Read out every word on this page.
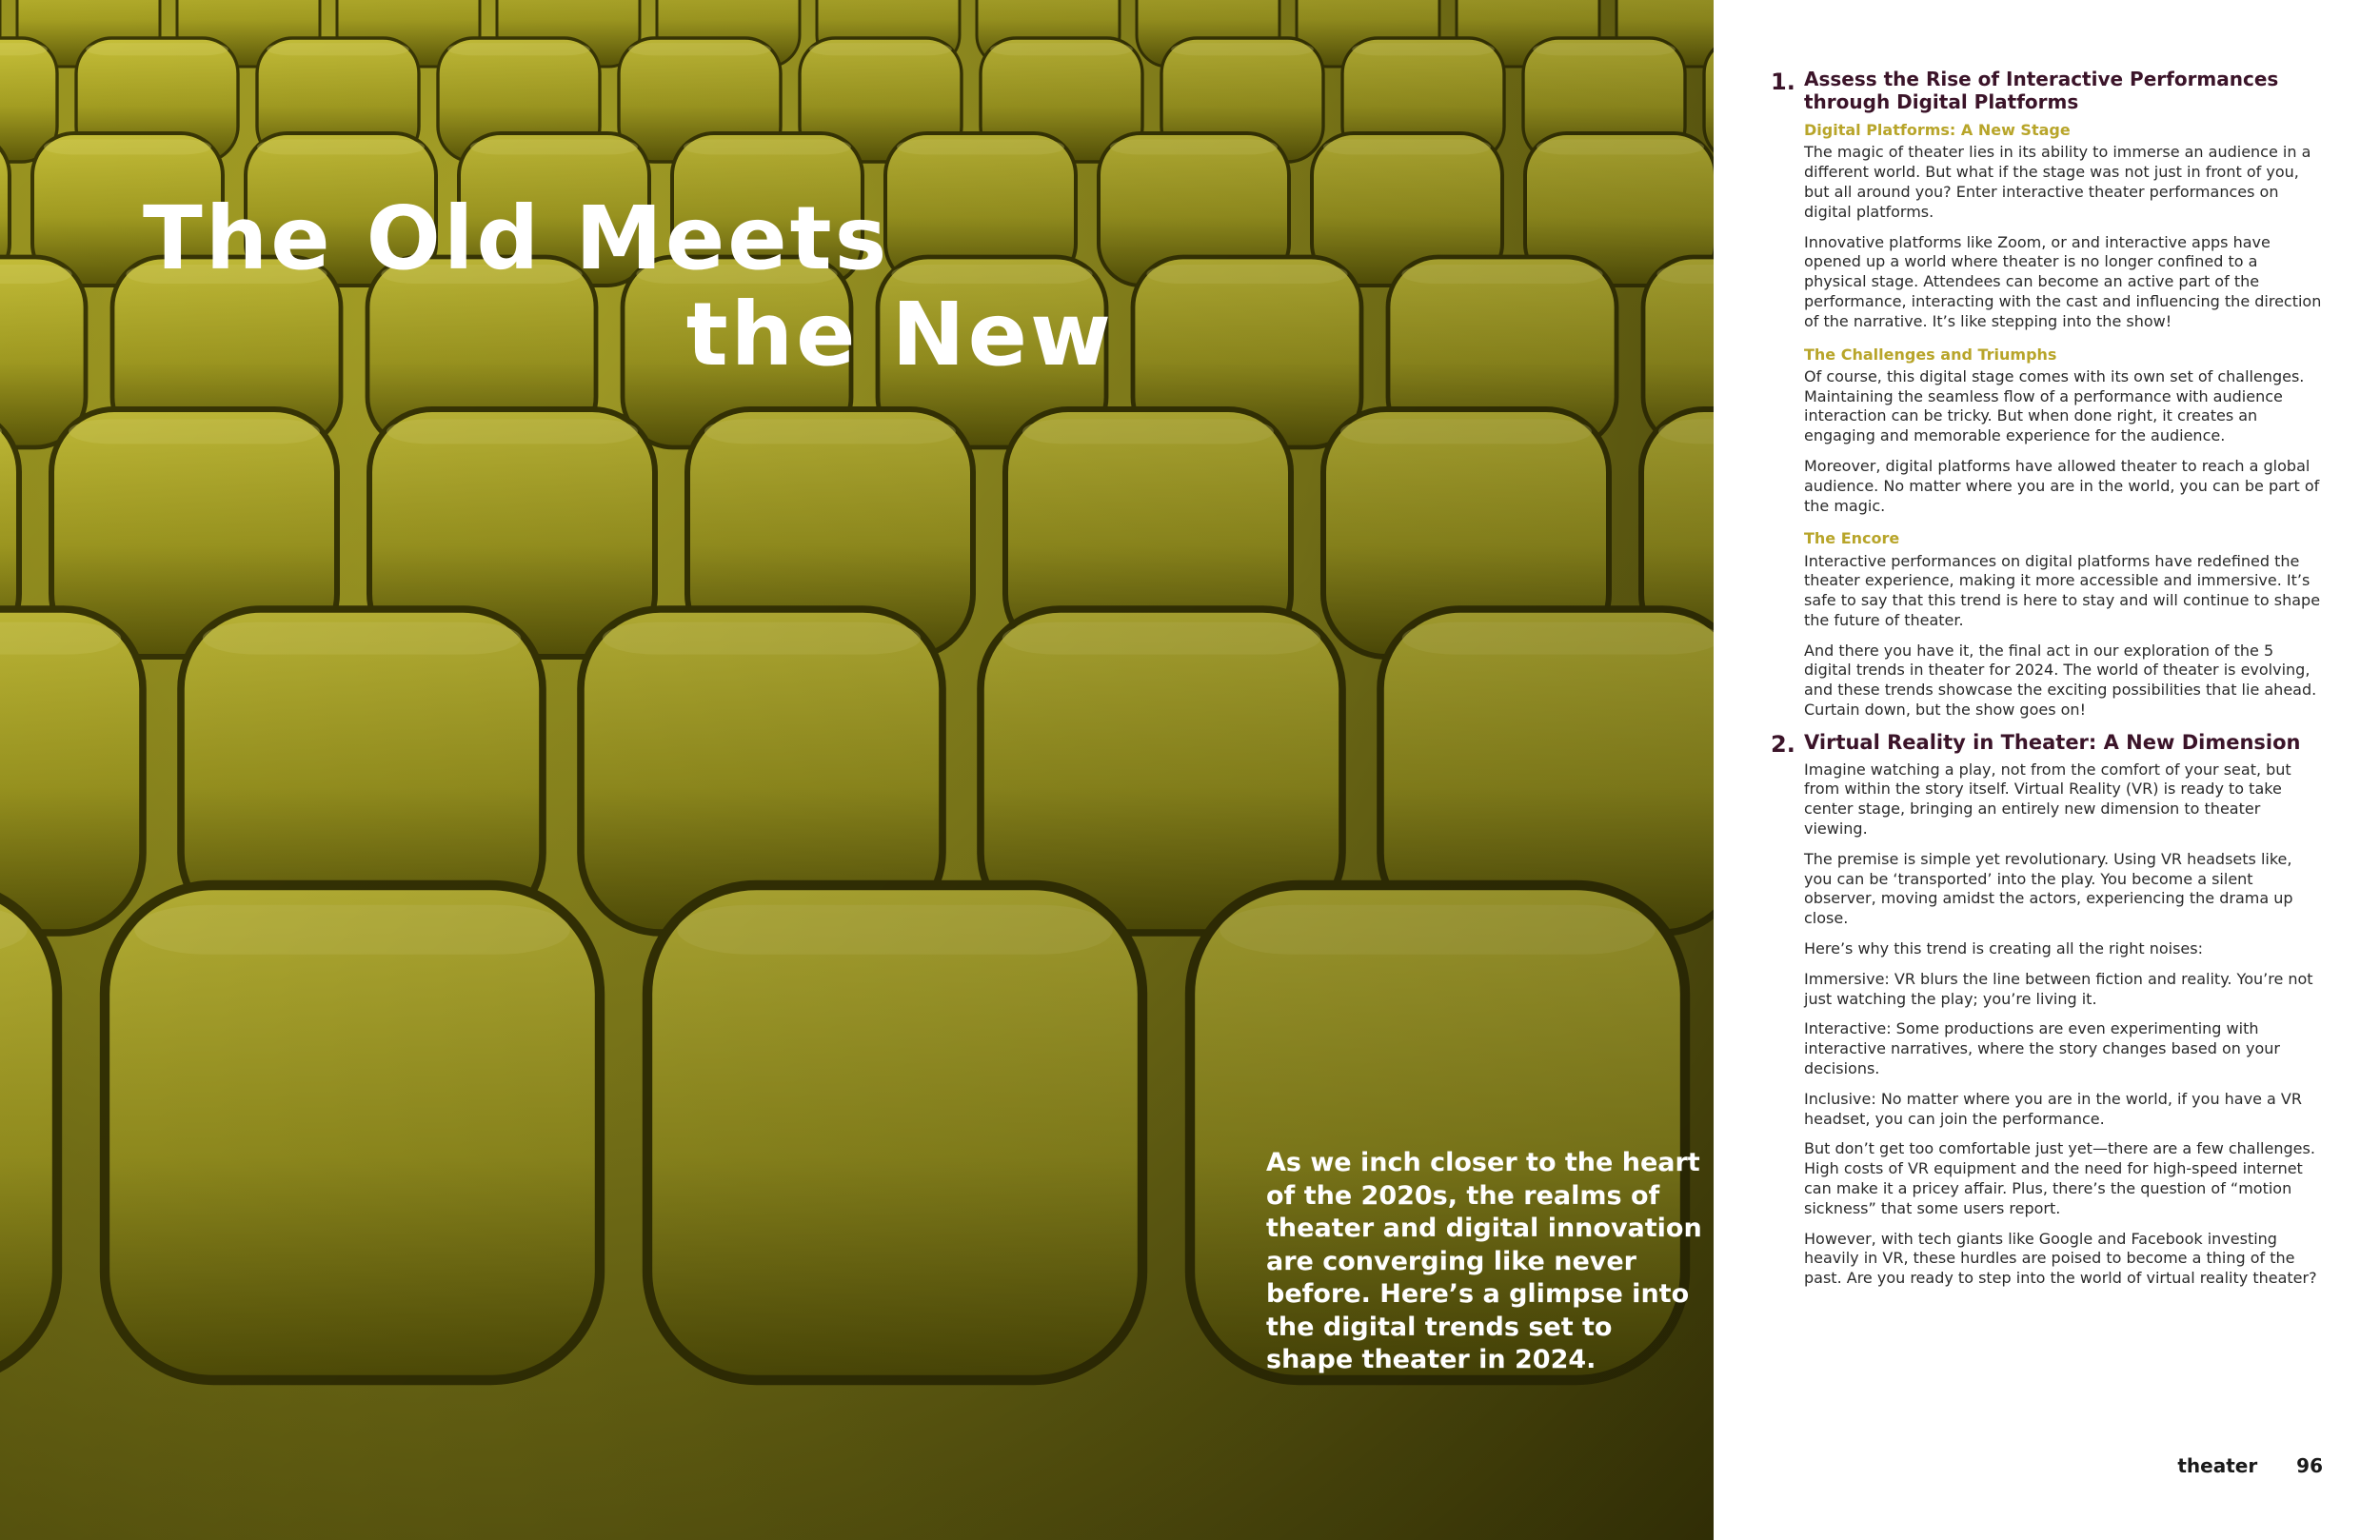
The Old Meets
the New

As we inch closer to the heart of the 2020s, the realms of theater and digital innovation are converging like never before. Here’s a glimpse into the digital trends set to shape theater in 2024.

1. Assess the Rise of Interactive Performances through Digital Platforms
Digital Platforms: A New Stage

The magic of theater lies in its ability to immerse an audience in a different world. But what if the stage was not just in front of you, but all around you? Enter interactive theater performances on digital platforms.

Innovative platforms like Zoom, or and interactive apps have opened up a world where theater is no longer confined to a physical stage. Attendees can become an active part of the performance, interacting with the cast and influencing the direction of the narrative. It’s like stepping into the show!

The Challenges and Triumphs

Of course, this digital stage comes with its own set of challenges. Maintaining the seamless flow of a performance with audience interaction can be tricky. But when done right, it creates an engaging and memorable experience for the audience.

Moreover, digital platforms have allowed theater to reach a global audience. No matter where you are in the world, you can be part of the magic.

The Encore

Interactive performances on digital platforms have redefined the theater experience, making it more accessible and immersive. It’s safe to say that this trend is here to stay and will continue to shape the future of theater.

And there you have it, the final act in our exploration of the 5 digital trends in theater for 2024. The world of theater is evolving, and these trends showcase the exciting possibilities that lie ahead. Curtain down, but the show goes on!

2. Virtual Reality in Theater: A New Dimension

Imagine watching a play, not from the comfort of your seat, but from within the story itself. Virtual Reality (VR) is ready to take center stage, bringing an entirely new dimension to theater viewing.

The premise is simple yet revolutionary. Using VR headsets like, you can be ‘transported’ into the play. You become a silent observer, moving amidst the actors, experiencing the drama up close.

Here’s why this trend is creating all the right noises:

Immersive: VR blurs the line between fiction and reality. You’re not just watching the play; you’re living it.

Interactive: Some productions are even experimenting with interactive narratives, where the story changes based on your decisions.

Inclusive: No matter where you are in the world, if you have a VR headset, you can join the performance.

But don’t get too comfortable just yet—there are a few challenges. High costs of VR equipment and the need for high-speed internet can make it a pricey affair. Plus, there’s the question of “motion sickness” that some users report.

However, with tech giants like Google and Facebook investing heavily in VR, these hurdles are poised to become a thing of the past. Are you ready to step into the world of virtual reality theater?

theater 96
